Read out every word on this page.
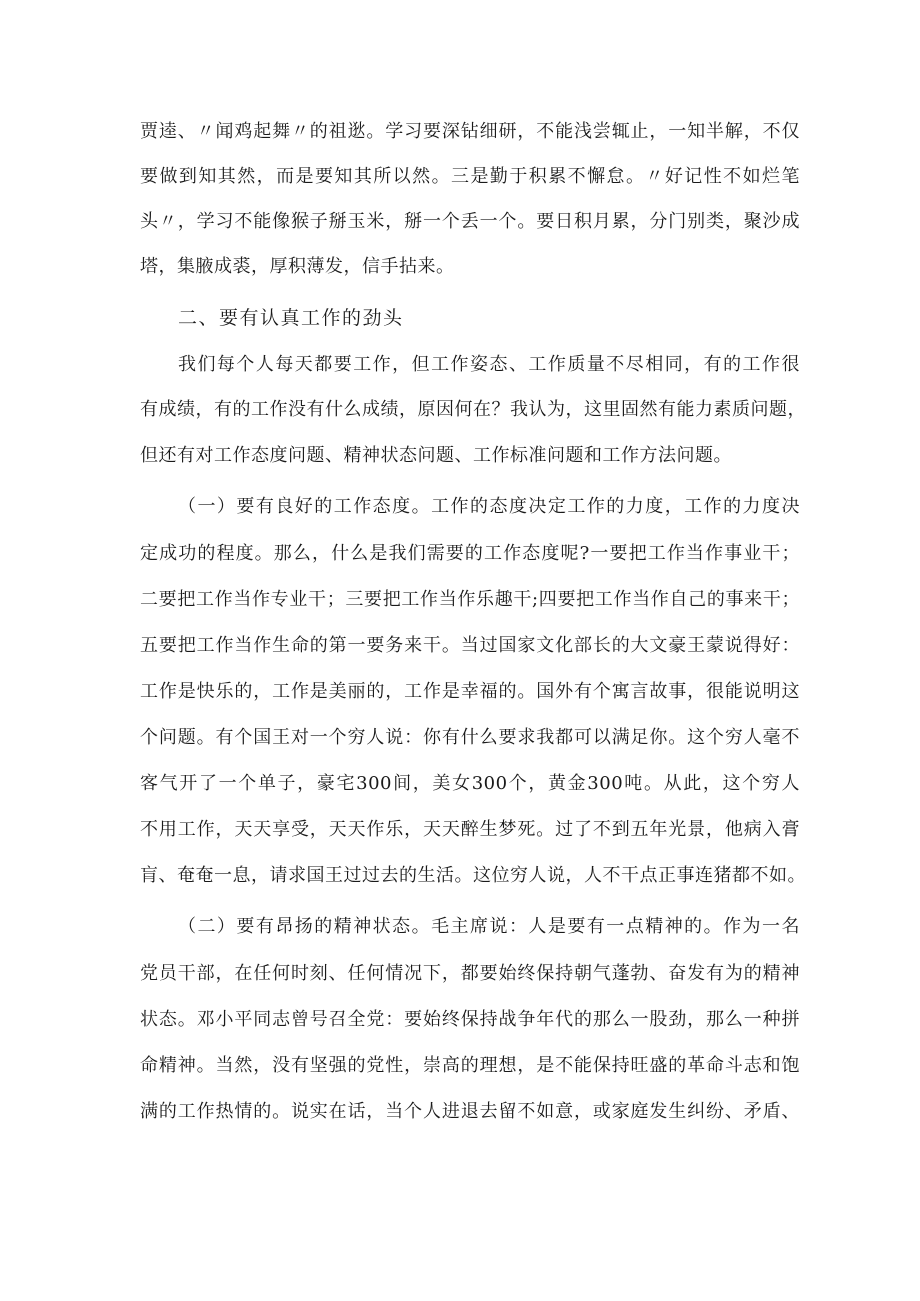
贾逵、〃闻鸡起舞〃的祖逖。学习要深钻细研，不能浅尝辄止，一知半解，不仅
要做到知其然，而是要知其所以然。三是勤于积累不懈怠。〃好记性不如烂笔
头〃，学习不能像猴子掰玉米，掰一个丢一个。要日积月累，分门别类，聚沙成
塔，集腋成裘，厚积薄发，信手拈来。
二、要有认真工作的劲头
我们每个人每天都要工作，但工作姿态、工作质量不尽相同，有的工作很
有成绩，有的工作没有什么成绩，原因何在？我认为，这里固然有能力素质问题，
但还有对工作态度问题、精神状态问题、工作标准问题和工作方法问题。
（一）要有良好的工作态度。工作的态度决定工作的力度，工作的力度决
定成功的程度。那么，什么是我们需要的工作态度呢?一要把工作当作事业干；
二要把工作当作专业干；三要把工作当作乐趣干;四要把工作当作自己的事来干；
五要把工作当作生命的第一要务来干。当过国家文化部长的大文豪王蒙说得好：
工作是快乐的，工作是美丽的，工作是幸福的。国外有个寓言故事，很能说明这
个问题。有个国王对一个穷人说：你有什么要求我都可以满足你。这个穷人毫不
客气开了一个单子，豪宅300间，美女300个，黄金300吨。从此，这个穷人
不用工作，天天享受，天天作乐，天天醉生梦死。过了不到五年光景，他病入膏
肓、奄奄一息，请求国王过过去的生活。这位穷人说，人不干点正事连猪都不如。
（二）要有昂扬的精神状态。毛主席说：人是要有一点精神的。作为一名
党员干部，在任何时刻、任何情况下，都要始终保持朝气蓬勃、奋发有为的精神
状态。邓小平同志曾号召全党：要始终保持战争年代的那么一股劲，那么一种拼
命精神。当然，没有坚强的党性，崇高的理想，是不能保持旺盛的革命斗志和饱
满的工作热情的。说实在话，当个人进退去留不如意，或家庭发生纠纷、矛盾、
